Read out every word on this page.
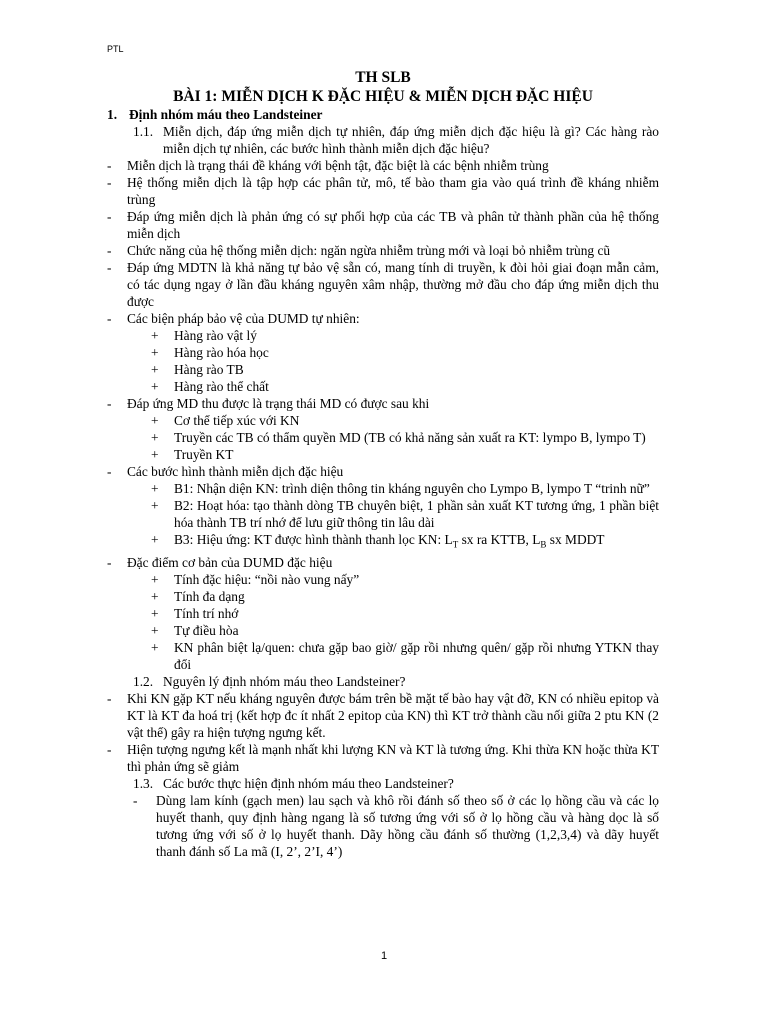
PTL
TH SLB
BÀI 1: MIỄN DỊCH K ĐẶC HIỆU & MIỄN DỊCH ĐẶC HIỆU
1. Định nhóm máu theo Landsteiner
1.1. Miễn dịch, đáp ứng miễn dịch tự nhiên, đáp ứng miễn dịch đặc hiệu là gì? Các hàng rào miễn dịch tự nhiên, các bước hình thành miễn dịch đặc hiệu?
-	Miễn dịch là trạng thái đề kháng với bệnh tật, đặc biệt là các bệnh nhiễm trùng
-	Hệ thống miễn dịch là tập hợp các phân tử, mô, tế bào tham gia vào quá trình đề kháng nhiễm trùng
-	Đáp ứng miễn dịch là phản ứng có sự phối hợp của các TB và phân tử thành phần của hệ thống miễn dịch
-	Chức năng của hệ thống miễn dịch: ngăn ngừa nhiễm trùng mới và loại bỏ nhiễm trùng cũ
-	Đáp ứng MDTN là khả năng tự bảo vệ sẵn có, mang tính di truyền, k đòi hỏi giai đoạn mẫn cảm, có tác dụng ngay ở lần đầu kháng nguyên xâm nhập, thường mở đầu cho đáp ứng miễn dịch thu được
-	Các biện pháp bảo vệ của DUMD tự nhiên:
+	Hàng rào vật lý
+	Hàng rào hóa học
+	Hàng rào TB
+	Hàng rào thể chất
-	Đáp ứng MD thu được là trạng thái MD có được sau khi
+	Cơ thể tiếp xúc với KN
+	Truyền các TB có thẩm quyền MD (TB có khả năng sản xuất ra KT: lympo B, lympo T)
+	Truyền KT
-	Các bước hình thành miễn dịch đặc hiệu
+	B1: Nhận diện KN: trình diện thông tin kháng nguyên cho Lympo B, lympo T “trinh nữ”
+	B2: Hoạt hóa: tạo thành dòng TB chuyên biệt, 1 phần sản xuất KT tương ứng, 1 phần biệt hóa thành TB trí nhớ để lưu giữ thông tin lâu dài
+	B3: Hiệu ứng: KT được hình thành thanh lọc KN: $L_T$ sx ra KTTB, $L_B$ sx MDDT
-	Đặc điểm cơ bản của DUMD đặc hiệu
+	Tính đặc hiệu: “nồi nào vung nấy”
+	Tính đa dạng
+	Tính trí nhớ
+	Tự điều hòa
+	KN phân biệt lạ/quen: chưa gặp bao giờ/ gặp rồi nhưng quên/ gặp rồi nhưng YTKN thay đổi
1.2. Nguyên lý định nhóm máu theo Landsteiner?
-	Khi KN gặp KT nếu kháng nguyên được bám trên bề mặt tế bào hay vật đỡ, KN có nhiều epitop và KT là KT đa hoá trị (kết hợp đc ít nhất 2 epitop của KN) thì KT trở thành cầu nối giữa 2 ptu KN (2 vật thể) gây ra hiện tượng ngưng kết.
-	Hiện tượng ngưng kết là mạnh nhất khi lượng KN và KT là tương ứng. Khi thừa KN hoặc thừa KT thì phản ứng sẽ giảm
1.3. Các bước thực hiện định nhóm máu theo Landsteiner?
-	Dùng lam kính (gạch men) lau sạch và khô rồi đánh số theo số ở các lọ hồng cầu và các lọ huyết thanh, quy định hàng ngang là số tương ứng với số ở lọ hồng cầu và hàng dọc là số tương ứng với số ở lọ huyết thanh. Dãy hồng cầu đánh số thường (1,2,3,4) và dãy huyết thanh đánh số La mã (I, 2’, 2’I, 4’)
1
